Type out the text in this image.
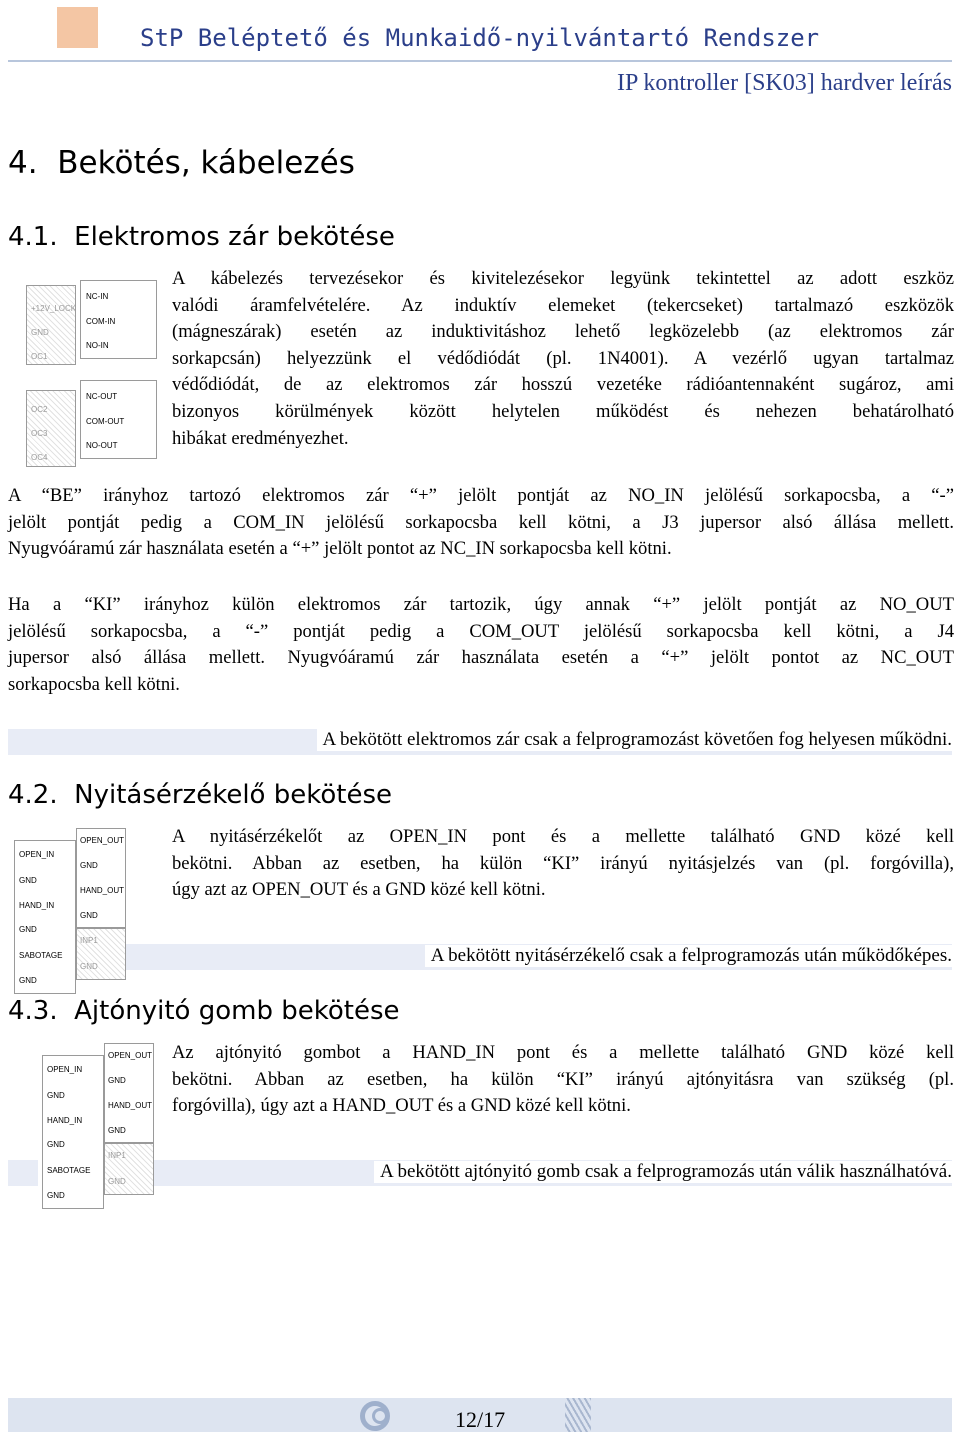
StP Beléptető és Munkaidő-nyilvántartó Rendszer
IP kontroller [SK03] hardver leírás
4.  Bekötés, kábelezés
4.1.  Elektromos zár bekötése
+12V_LOCK
GND
OC1
OC2
OC3
OC4
NC-IN
COM-IN
NO-IN
NC-OUT
COM-OUT
NO-OUT
A kábelezés tervezésekor és kivitelezésekor legyünk tekintettel az adott eszköz
valódi áramfelvételére. Az induktív elemeket (tekercseket) tartalmazó eszközök
(mágneszárak) esetén az induktivitáshoz lehető legközelebb (az elektromos zár
sorkapcsán) helyezzünk el védődiódát (pl. 1N4001). A vezérlő ugyan tartalmaz
védődiódát, de az elektromos zár hosszú vezetéke rádióantennaként sugároz, ami
bizonyos körülmények között helytelen működést és nehezen behatárolható
hibákat eredményezhet.
A “BE” irányhoz tartozó elektromos zár “+” jelölt pontját az NO_IN jelölésű sorkapocsba, a “-”
jelölt pontját pedig a COM_IN jelölésű sorkapocsba kell kötni, a J3 jupersor alsó állása mellett.
Nyugvóáramú zár használata esetén a “+” jelölt pontot az NC_IN sorkapocsba kell kötni.
Ha a “KI” irányhoz külön elektromos zár tartozik, úgy annak “+” jelölt pontját az NO_OUT
jelölésű sorkapocsba, a “-” pontját pedig a COM_OUT jelölésű sorkapocsba kell kötni, a J4
jupersor alsó állása mellett. Nyugvóáramú zár használata esetén a “+” jelölt pontot az NC_OUT
sorkapocsba kell kötni.
A bekötött elektromos zár csak a felprogramozást követően fog helyesen működni.
4.2.  Nyitásérzékelő bekötése
OPEN_IN
GND
HAND_IN
GND
SABOTAGE
GND
OPEN_OUT
GND
HAND_OUT
GND
INP1
GND
A nyitásérzékelőt az OPEN_IN pont és a mellette található GND közé kell
bekötni. Abban az esetben, ha külön “KI” irányú nyitásjelzés van (pl. forgóvilla),
úgy azt az OPEN_OUT és a GND közé kell kötni.
A bekötött nyitásérzékelő csak a felprogramozás után működőképes.
4.3.  Ajtónyitó gomb bekötése
OPEN_IN
GND
HAND_IN
GND
SABOTAGE
GND
OPEN_OUT
GND
HAND_OUT
GND
INP1
GND
Az ajtónyitó gombot a HAND_IN pont és a mellette található GND közé kell
bekötni. Abban az esetben, ha külön “KI” irányú ajtónyitásra van szükség (pl.
forgóvilla), úgy azt a HAND_OUT és a GND közé kell kötni.
A bekötött ajtónyitó gomb csak a felprogramozás után válik használhatóvá.
12/17
